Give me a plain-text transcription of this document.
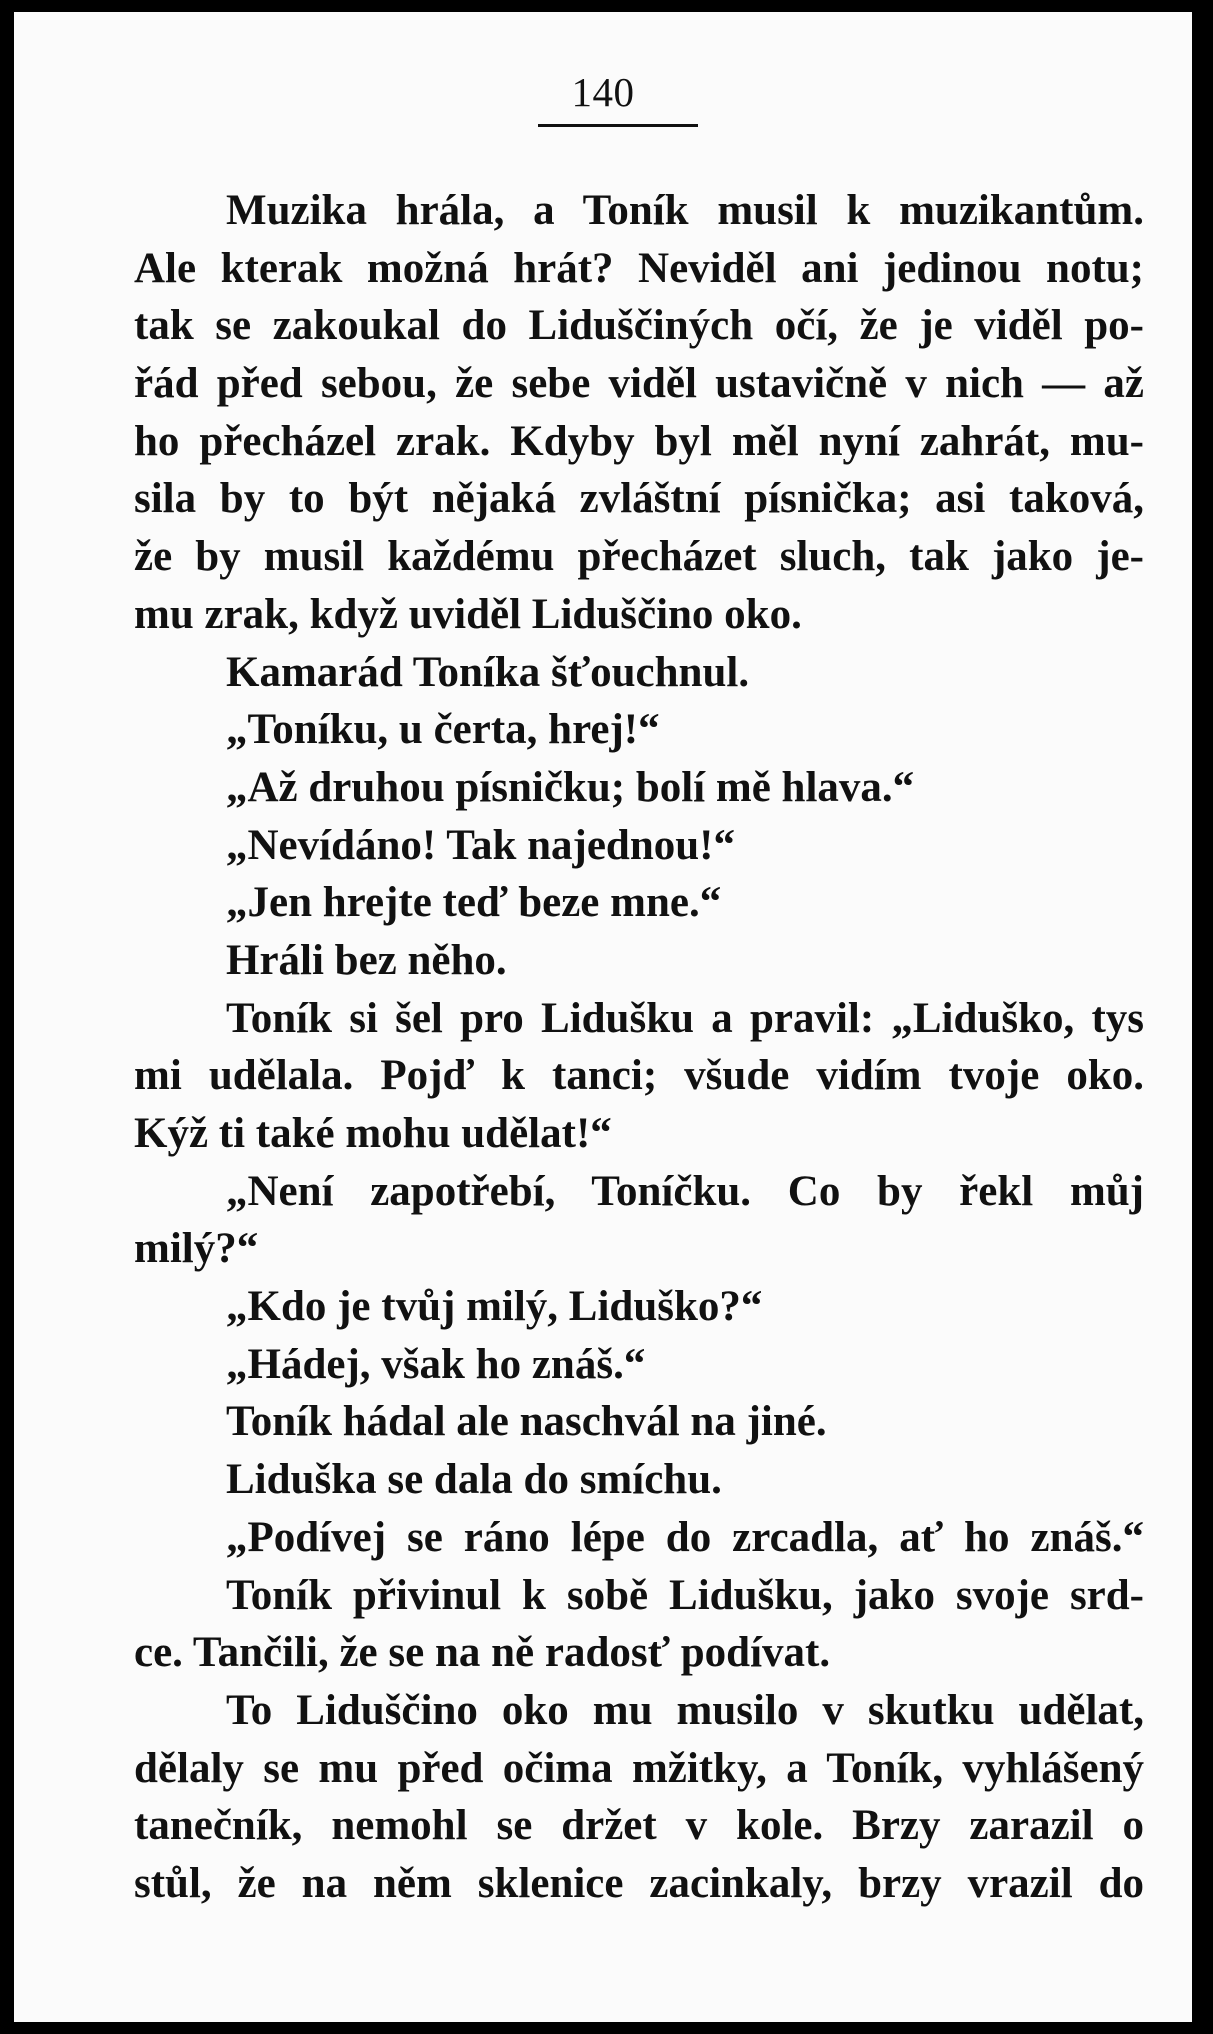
140
Muzika hrála, a Toník musil k muzikantům.
Ale kterak možná hrát? Neviděl ani jedinou notu;
tak se zakoukal do Liduščiných očí, že je viděl po-
řád před sebou, že sebe viděl ustavičně v nich — až
ho přecházel zrak. Kdyby byl měl nyní zahrát, mu-
sila by to být nějaká zvláštní písnička; asi taková,
že by musil každému přecházet sluch, tak jako je-
mu zrak, když uviděl Liduščino oko.
Kamarád Toníka šťouchnul.
„Toníku, u čerta, hrej!“
„Až druhou písničku; bolí mě hlava.“
„Nevídáno! Tak najednou!“
„Jen hrejte teď beze mne.“
Hráli bez něho.
Toník si šel pro Lidušku a pravil: „Liduško, tys
mi udělala. Pojď k tanci; všude vidím tvoje oko.
Kýž ti také mohu udělat!“
„Není zapotřebí, Toníčku. Co by řekl můj
milý?“
„Kdo je tvůj milý, Liduško?“
„Hádej, však ho znáš.“
Toník hádal ale naschvál na jiné.
Liduška se dala do smíchu.
„Podívej se ráno lépe do zrcadla, ať ho znáš.“
Toník přivinul k sobě Lidušku, jako svoje srd-
ce. Tančili, že se na ně radosť podívat.
To Liduščino oko mu musilo v skutku udělat,
dělaly se mu před očima mžitky, a Toník, vyhlášený
tanečník, nemohl se držet v kole. Brzy zarazil o
stůl, že na něm sklenice zacinkaly, brzy vrazil do
